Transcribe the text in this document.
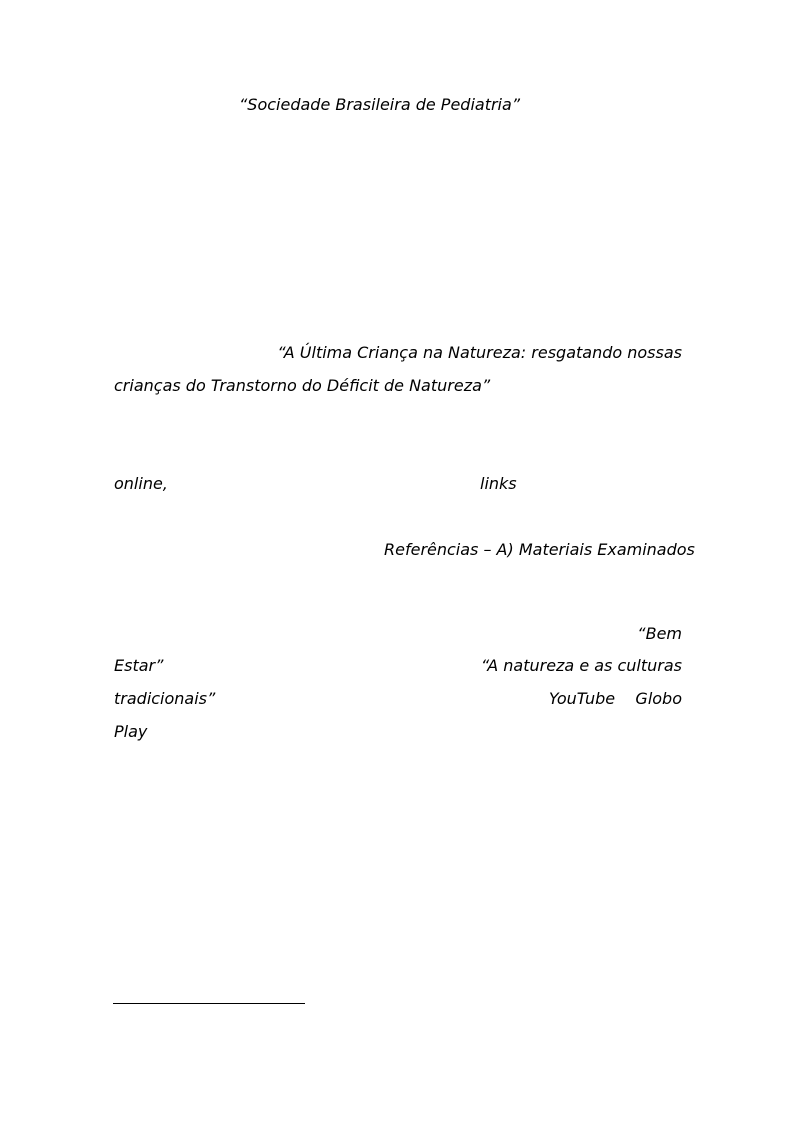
“Sociedade Brasileira de Pediatria”
“A Última Criança na Natureza: resgatando nossas
crianças do Transtorno do Déficit de Natureza”
online,	links
Referências – A) Materiais Examinados
“Bem
Estar”	“A natureza e as culturas
tradicionais”	YouTube    Globo
Play
